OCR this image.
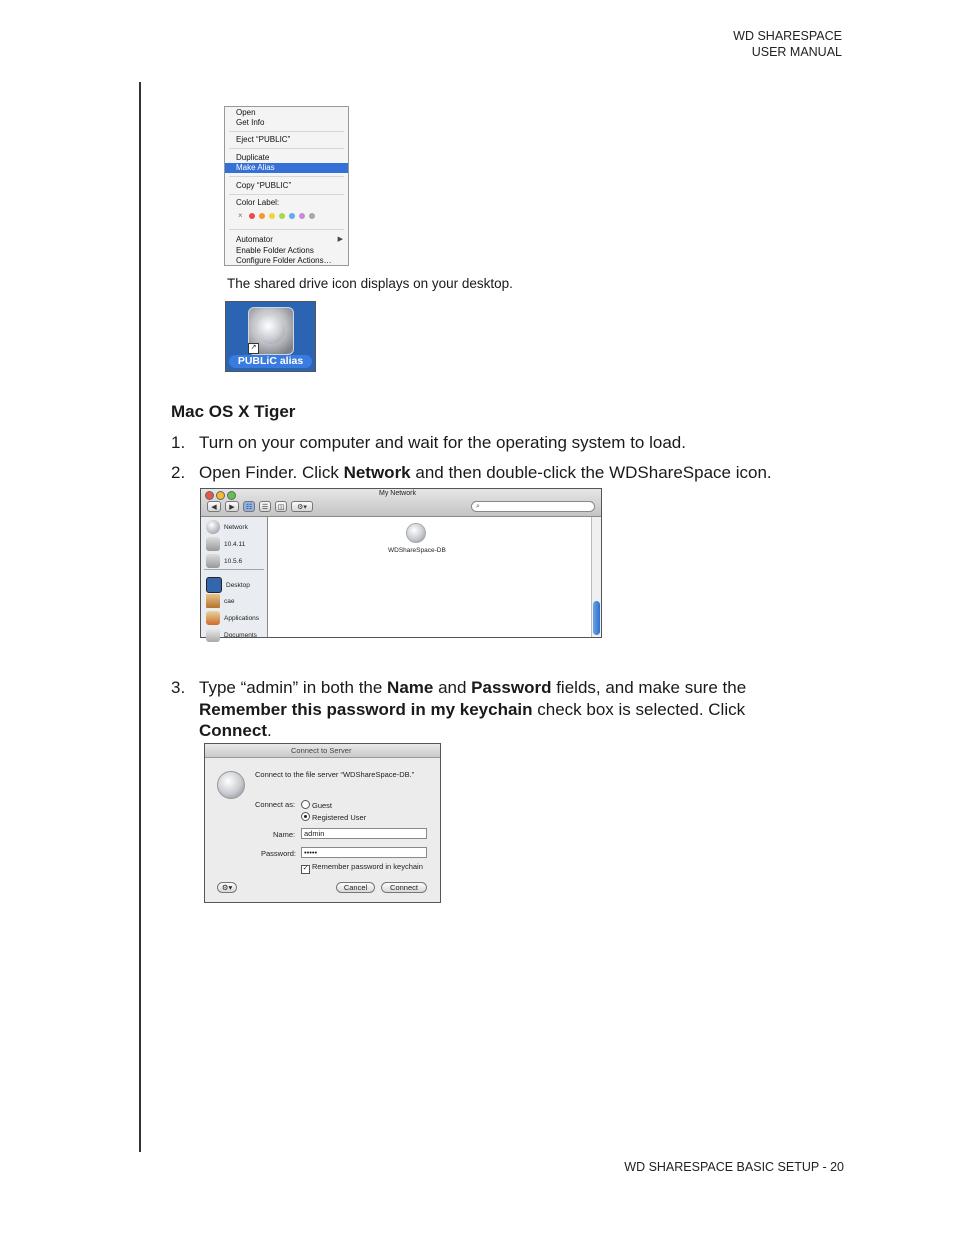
WD SHARESPACE
USER MANUAL
Open
Get Info
Eject “PUBLIC”
Duplicate
Make Alias
Copy “PUBLIC”
Color Label:
×
Automator	▶
Enable Folder Actions
Configure Folder Actions…
The shared drive icon displays on your desktop.
↗
PUBLiC alias
Mac OS X Tiger
1. Turn on your computer and wait for the operating system to load.
2. Open Finder. Click Network and then double-click the WDShareSpace icon.
My Network
◀	▶	☷	☰	◫	⚙▾	⌕
Network
10.4.11
10.5.6
Desktop
cae
Applications
Documents
WDShareSpace-DB
3. Type “admin” in both the Name and Password fields, and make sure the
Remember this password in my keychain check box is selected. Click
Connect.
Connect to Server
Connect to the file server “WDShareSpace-DB.”
Connect as:	Guest
Registered User
Name:	admin
Password:	•••••
✓ Remember password in keychain
⚙▾	Cancel	Connect
WD SHARESPACE BASIC SETUP - 20
